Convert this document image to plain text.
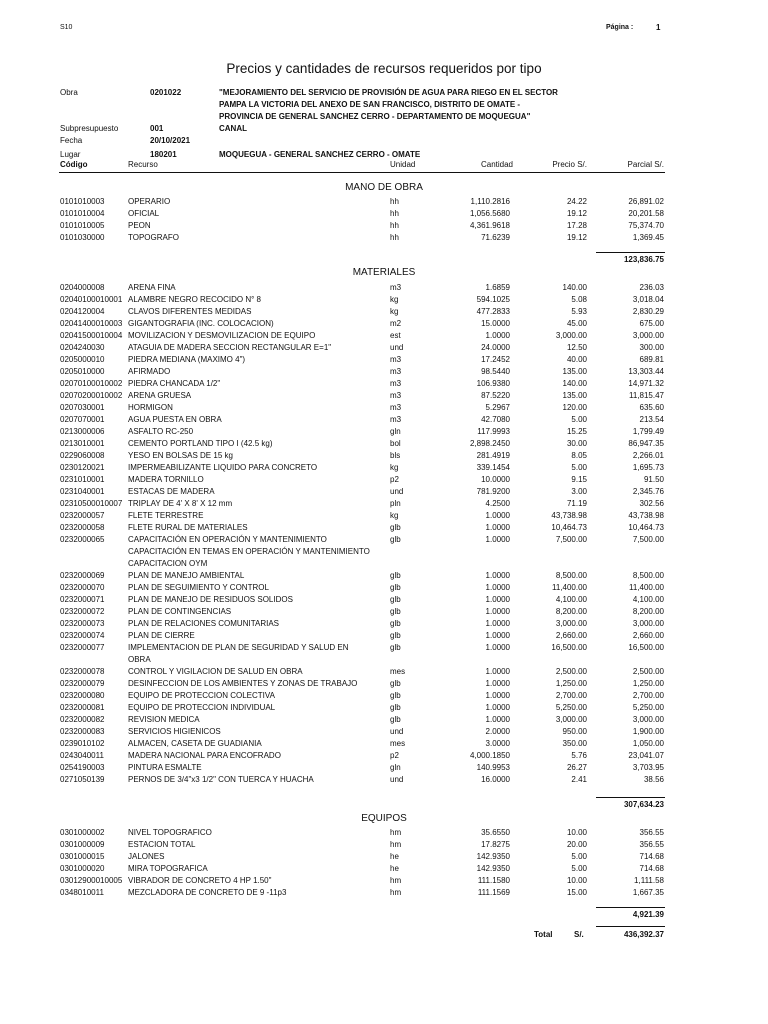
S10	Página :	1
Precios y cantidades de recursos requeridos por tipo
Obra	0201022	"MEJORAMIENTO DEL SERVICIO DE PROVISIÓN DE AGUA PARA RIEGO EN EL SECTOR
PAMPA LA VICTORIA DEL ANEXO DE SAN FRANCISCO, DISTRITO DE OMATE -
PROVINCIA DE GENERAL SANCHEZ CERRO - DEPARTAMENTO DE MOQUEGUA"
Subpresupuesto	001	CANAL
Fecha	20/10/2021
Lugar	180201	MOQUEGUA - GENERAL SANCHEZ CERRO - OMATE
Código	Recurso	Unidad	Cantidad	Precio S/.	Parcial S/.
MANO DE OBRA
0101010003	OPERARIO	hh	1,110.2816	24.22	26,891.02
0101010004	OFICIAL	hh	1,056.5680	19.12	20,201.58
0101010005	PEON	hh	4,361.9618	17.28	75,374.70
0101030000	TOPOGRAFO	hh	71.6239	19.12	1,369.45
123,836.75
MATERIALES
0204000008	ARENA FINA	m3	1.6859	140.00	236.03
02040100010001 ALAMBRE NEGRO RECOCIDO N° 8	kg	594.1025	5.08	3,018.04
0204120004	CLAVOS DIFERENTES MEDIDAS	kg	477.2833	5.93	2,830.29
02041400010003 GIGANTOGRAFIA (INC. COLOCACION)	m2	15.0000	45.00	675.00
02041500010004 MOVILIZACION Y DESMOVILIZACION DE EQUIPO	est	1.0000	3,000.00	3,000.00
0204240030	ATAGUIA DE MADERA SECCION RECTANGULAR E=1"	und	24.0000	12.50	300.00
0205000010	PIEDRA MEDIANA (MAXIMO 4")	m3	17.2452	40.00	689.81
0205010000	AFIRMADO	m3	98.5440	135.00	13,303.44
02070100010002 PIEDRA CHANCADA 1/2"	m3	106.9380	140.00	14,971.32
02070200010002 ARENA GRUESA	m3	87.5220	135.00	11,815.47
0207030001	HORMIGON	m3	5.2967	120.00	635.60
0207070001	AGUA PUESTA EN OBRA	m3	42.7080	5.00	213.54
0213000006	ASFALTO RC-250	gln	117.9993	15.25	1,799.49
0213010001	CEMENTO PORTLAND TIPO I (42.5 kg)	bol	2,898.2450	30.00	86,947.35
0229060008	YESO EN BOLSAS DE 15 kg	bls	281.4919	8.05	2,266.01
0230120021	IMPERMEABILIZANTE LIQUIDO PARA CONCRETO	kg	339.1454	5.00	1,695.73
0231010001	MADERA TORNILLO	p2	10.0000	9.15	91.50
0231040001	ESTACAS DE MADERA	und	781.9200	3.00	2,345.76
02310500010007 TRIPLAY DE 4' X 8' X 12 mm	pln	4.2500	71.19	302.56
0232000057	FLETE TERRESTRE	kg	1.0000	43,738.98	43,738.98
0232000058	FLETE RURAL DE MATERIALES	glb	1.0000	10,464.73	10,464.73
0232000065	CAPACITACIÓN EN OPERACIÓN Y MANTENIMIENTO	glb	1.0000	7,500.00	7,500.00
CAPACITACIÓN EN TEMAS EN OPERACIÓN Y MANTENIMIENTO
CAPACITACION OYM
0232000069	PLAN DE MANEJO AMBIENTAL	glb	1.0000	8,500.00	8,500.00
0232000070	PLAN DE SEGUIMIENTO Y CONTROL	glb	1.0000	11,400.00	11,400.00
0232000071	PLAN DE MANEJO DE RESIDUOS SOLIDOS	glb	1.0000	4,100.00	4,100.00
0232000072	PLAN DE CONTINGENCIAS	glb	1.0000	8,200.00	8,200.00
0232000073	PLAN DE RELACIONES COMUNITARIAS	glb	1.0000	3,000.00	3,000.00
0232000074	PLAN DE CIERRE	glb	1.0000	2,660.00	2,660.00
0232000077	IMPLEMENTACION DE PLAN DE SEGURIDAD Y SALUD EN	glb	1.0000	16,500.00	16,500.00
OBRA
0232000078	CONTROL Y VIGILACION DE SALUD EN OBRA	mes	1.0000	2,500.00	2,500.00
0232000079	DESINFECCION DE LOS AMBIENTES Y ZONAS DE TRABAJO	glb	1.0000	1,250.00	1,250.00
0232000080	EQUIPO DE PROTECCION COLECTIVA	glb	1.0000	2,700.00	2,700.00
0232000081	EQUIPO DE PROTECCION INDIVIDUAL	glb	1.0000	5,250.00	5,250.00
0232000082	REVISION MEDICA	glb	1.0000	3,000.00	3,000.00
0232000083	SERVICIOS HIGIENICOS	und	2.0000	950.00	1,900.00
0239010102	ALMACEN, CASETA DE GUADIANIA	mes	3.0000	350.00	1,050.00
0243040011	MADERA NACIONAL PARA ENCOFRADO	p2	4,000.1850	5.76	23,041.07
0254190003	PINTURA ESMALTE	gln	140.9953	26.27	3,703.95
0271050139	PERNOS DE 3/4"x3 1/2" CON TUERCA Y HUACHA	und	16.0000	2.41	38.56
307,634.23
EQUIPOS
0301000002	NIVEL TOPOGRAFICO	hm	35.6550	10.00	356.55
0301000009	ESTACION TOTAL	hm	17.8275	20.00	356.55
0301000015	JALONES	he	142.9350	5.00	714.68
0301000020	MIRA TOPOGRAFICA	he	142.9350	5.00	714.68
03012900010005 VIBRADOR DE CONCRETO 4 HP 1.50"	hm	111.1580	10.00	1,111.58
0348010011	MEZCLADORA DE CONCRETO DE 9 -11p3	hm	111.1569	15.00	1,667.35
4,921.39
Total	S/.	436,392.37
